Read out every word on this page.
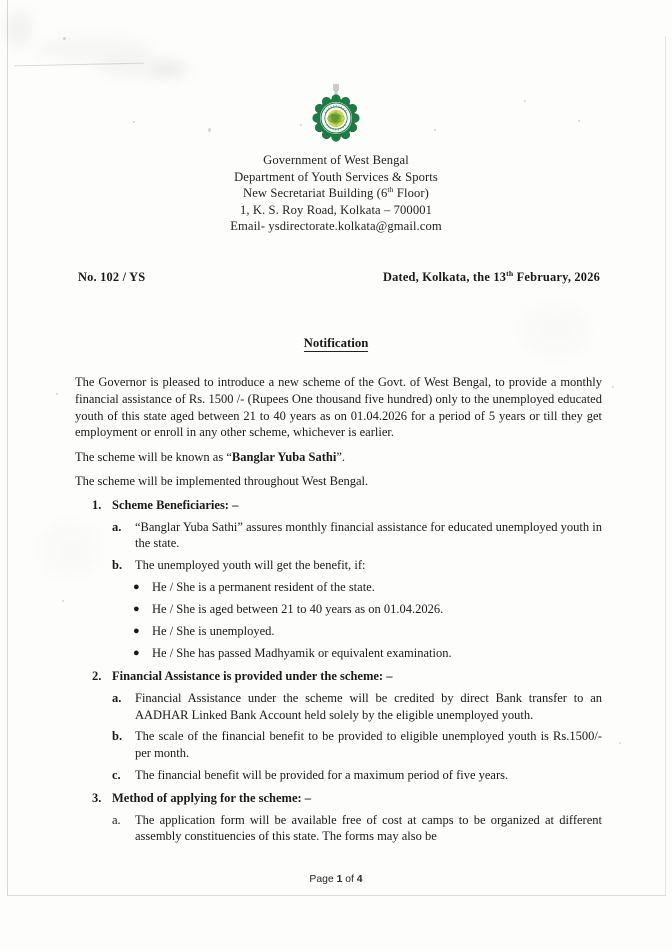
Government of West Bengal
Department of Youth Services & Sports
New Secretariat Building (6th Floor)
1, K. S. Roy Road, Kolkata – 700001
Email- ysdirectorate.kolkata@gmail.com
No. 102 / YS	Dated, Kolkata, the 13th February, 2026
Notification

The Governor is pleased to introduce a new scheme of the Govt. of West Bengal, to provide a monthly financial assistance of Rs. 1500 /- (Rupees One thousand five hundred) only to the unemployed educated youth of this state aged between 21 to 40 years as on 01.04.2026 for a period of 5 years or till they get employment or enroll in any other scheme, whichever is earlier.

The scheme will be known as “Banglar Yuba Sathi”.

The scheme will be implemented throughout West Bengal.

1. Scheme Beneficiaries: –
a.	“Banglar Yuba Sathi” assures monthly financial assistance for educated unemployed youth in the state.
b.	The unemployed youth will get the benefit, if:
● He / She is a permanent resident of the state.
● He / She is aged between 21 to 40 years as on 01.04.2026.
● He / She is unemployed.
● He / She has passed Madhyamik or equivalent examination.
2. Financial Assistance is provided under the scheme: –
a.	Financial Assistance under the scheme will be credited by direct Bank transfer to an AADHAR Linked Bank Account held solely by the eligible unemployed youth.
b.	The scale of the financial benefit to be provided to eligible unemployed youth is Rs.1500/- per month.
c.	The financial benefit will be provided for a maximum period of five years.
3. Method of applying for the scheme: –
a.	The application form will be available free of cost at camps to be organized at different assembly constituencies of this state. The forms may also be
Page 1 of 4
